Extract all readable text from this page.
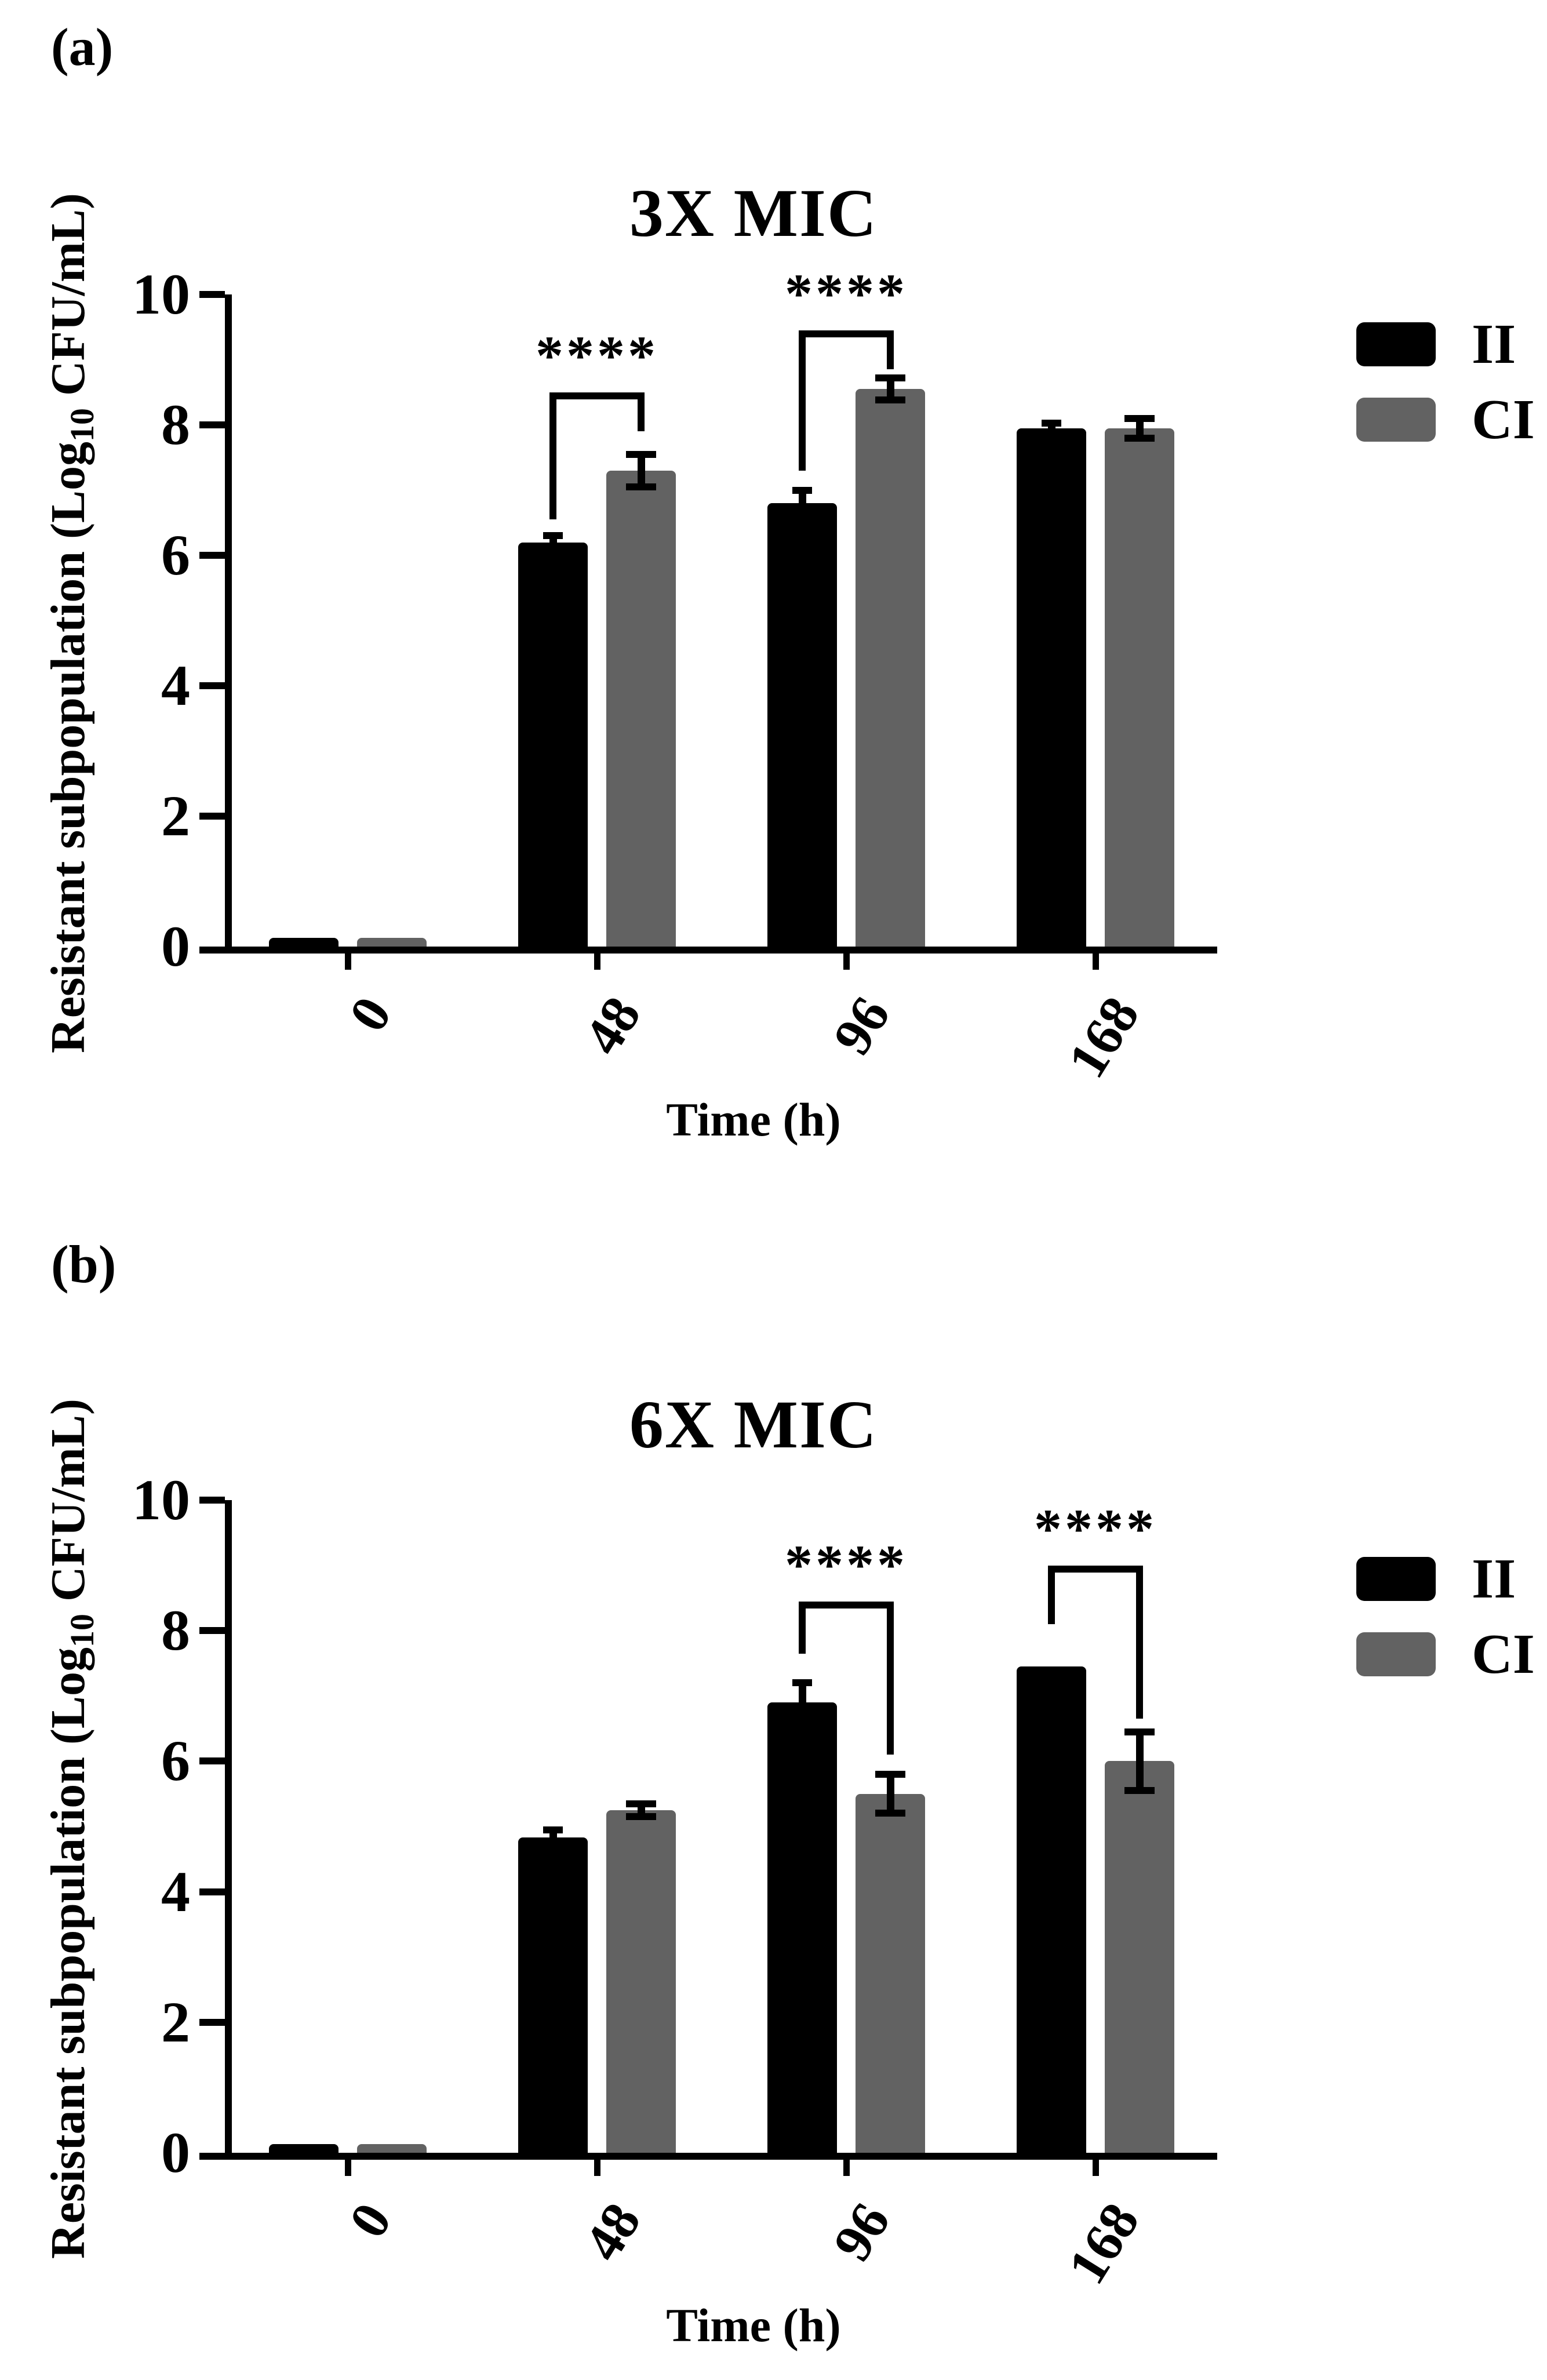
(a)
3X MIC
Resistant subpopulation (Log$_{10}$ CFU/mL)
0
2
4
6
8
10
0	48	96	168
****
****
II
CI
Time (h)
(b)
6X MIC
Resistant subpopulation (Log$_{10}$ CFU/mL)
0
2
4
6
8
10
0	48	96	168
****
****
II
CI
Time (h)
